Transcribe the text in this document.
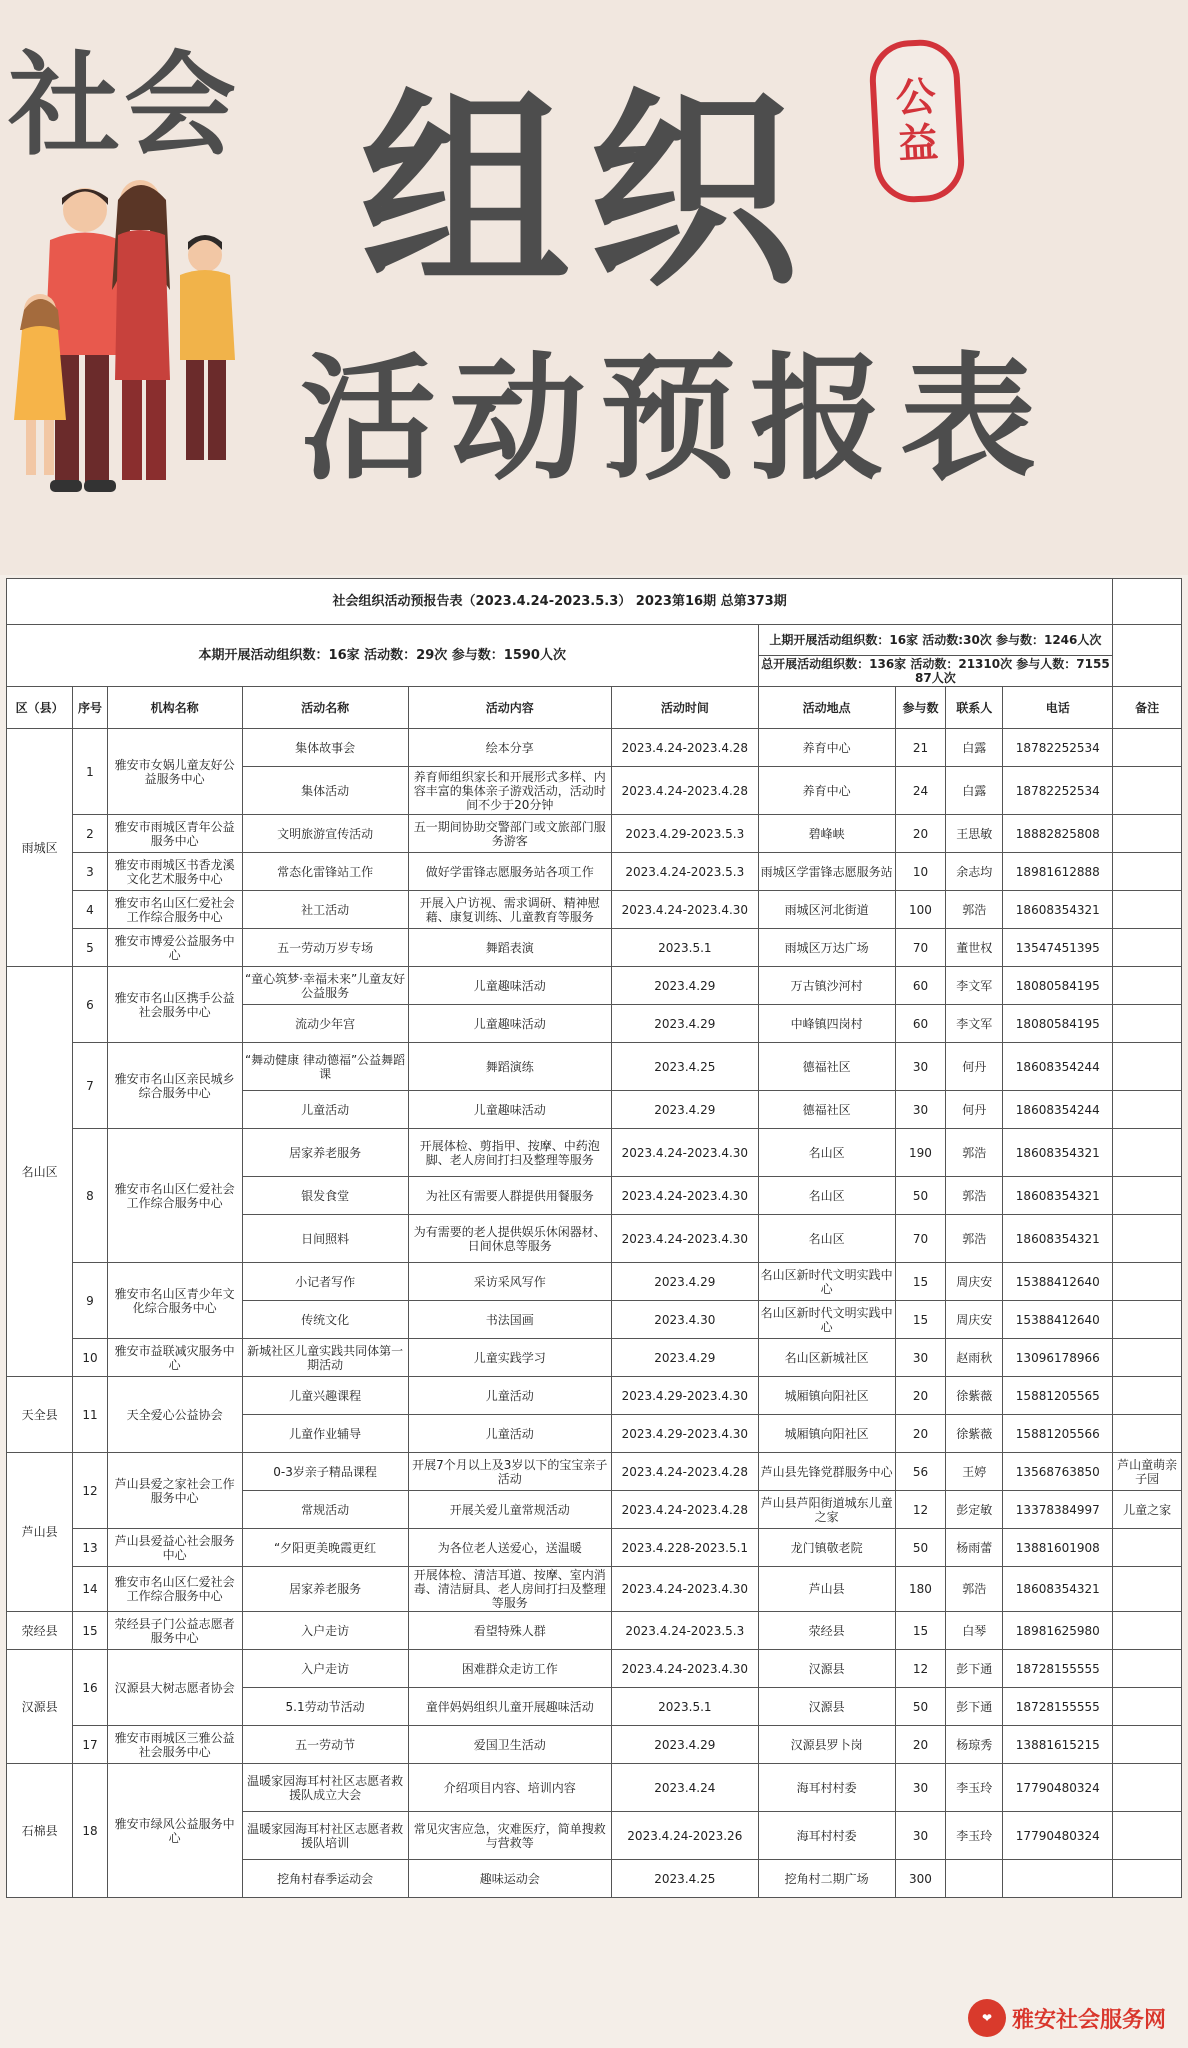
社会 组织
活动预报表
公益
社会组织活动预报告表（2023.4.24-2023.5.3） 2023第16期 总第373期										
本期开展活动组织数：16家 活动数：29次 参与数：1590人次						上期开展活动组织数：16家 活动数:30次 参与数：1246人次				
						总开展活动组织数：136家 活动数：21310次 参与人数：715587人次				
区（县）	序号	机构名称	活动名称	活动内容	活动时间	活动地点	参与数	联系人	电话	备注
雨城区	1	雅安市女娲儿童友好公益服务中心	集体故事会	绘本分享	2023.4.24-2023.4.28	养育中心	21	白露	18782252534	
			集体活动	养育师组织家长和开展形式多样、内容丰富的集体亲子游戏活动，活动时间不少于20分钟	2023.4.24-2023.4.28	养育中心	24	白露	18782252534	
	2	雅安市雨城区青年公益服务中心	文明旅游宣传活动	五一期间协助交警部门或文旅部门服务游客	2023.4.29-2023.5.3	碧峰峡	20	王思敏	18882825808	
	3	雅安市雨城区书香龙溪文化艺术服务中心	常态化雷锋站工作	做好学雷锋志愿服务站各项工作	2023.4.24-2023.5.3	雨城区学雷锋志愿服务站	10	余志均	18981612888	
	4	雅安市名山区仁爱社会工作综合服务中心	社工活动	开展入户访视、需求调研、精神慰藉、康复训练、儿童教育等服务	2023.4.24-2023.4.30	雨城区河北街道	100	郭浩	18608354321	
	5	雅安市博爱公益服务中心	五一劳动万岁专场	舞蹈表演	2023.5.1	雨城区万达广场	70	董世权	13547451395	
名山区	6	雅安市名山区携手公益社会服务中心	“童心筑梦·幸福未来”儿童友好公益服务	儿童趣味活动	2023.4.29	万古镇沙河村	60	李文军	18080584195	
			流动少年宫	儿童趣味活动	2023.4.29	中峰镇四岗村	60	李文军	18080584195	
	7	雅安市名山区亲民城乡综合服务中心	“舞动健康 律动德福”公益舞蹈课	舞蹈演练	2023.4.25	德福社区	30	何丹	18608354244	
			儿童活动	儿童趣味活动	2023.4.29	德福社区	30	何丹	18608354244	
	8	雅安市名山区仁爱社会工作综合服务中心	居家养老服务	开展体检、剪指甲、按摩、中药泡脚、老人房间打扫及整理等服务	2023.4.24-2023.4.30	名山区	190	郭浩	18608354321	
			银发食堂	为社区有需要人群提供用餐服务	2023.4.24-2023.4.30	名山区	50	郭浩	18608354321	
			日间照料	为有需要的老人提供娱乐休闲器材、日间休息等服务	2023.4.24-2023.4.30	名山区	70	郭浩	18608354321	
	9	雅安市名山区青少年文化综合服务中心	小记者写作	采访采风写作	2023.4.29	名山区新时代文明实践中心	15	周庆安	15388412640	
			传统文化	书法国画	2023.4.30	名山区新时代文明实践中心	15	周庆安	15388412640	
	10	雅安市益联减灾服务中心	新城社区儿童实践共同体第一期活动	儿童实践学习	2023.4.29	名山区新城社区	30	赵雨秋	13096178966	
天全县	11	天全爱心公益协会	儿童兴趣课程	儿童活动	2023.4.29-2023.4.30	城厢镇向阳社区	20	徐紫薇	15881205565	
			儿童作业辅导	儿童活动	2023.4.29-2023.4.30	城厢镇向阳社区	20	徐紫薇	15881205566	
芦山县	12	芦山县爱之家社会工作服务中心	0-3岁亲子精品课程	开展7个月以上及3岁以下的宝宝亲子活动	2023.4.24-2023.4.28	芦山县先锋党群服务中心	56	王婷	13568763850	芦山童萌亲子园
			常规活动	开展关爱儿童常规活动	2023.4.24-2023.4.28	芦山县芦阳街道城东儿童之家	12	彭定敏	13378384997	儿童之家
	13	芦山县爱益心社会服务中心	“夕阳更美晚霞更红	为各位老人送爱心，送温暖	2023.4.228-2023.5.1	龙门镇敬老院	50	杨雨蕾	13881601908	
	14	雅安市名山区仁爱社会工作综合服务中心	居家养老服务	开展体检、清洁耳道、按摩、室内消毒、清洁厨具、老人房间打扫及整理等服务	2023.4.24-2023.4.30	芦山县	180	郭浩	18608354321	
荥经县	15	荥经县子门公益志愿者服务中心	入户走访	看望特殊人群	2023.4.24-2023.5.3	荥经县	15	白琴	18981625980	
汉源县	16	汉源县大树志愿者协会	入户走访	困难群众走访工作	2023.4.24-2023.4.30	汉源县	12	彭下通	18728155555	
			5.1劳动节活动	童伴妈妈组织儿童开展趣味活动	2023.5.1	汉源县	50	彭下通	18728155555	
	17	雅安市雨城区三雅公益社会服务中心	五一劳动节	爱国卫生活动	2023.4.29	汉源县罗卜岗	20	杨琼秀	13881615215	
石棉县	18	雅安市绿风公益服务中心	温暖家园海耳村社区志愿者救援队成立大会	介绍项目内容、培训内容	2023.4.24	海耳村村委	30	李玉玲	17790480324	
			温暖家园海耳村社区志愿者救援队培训	常见灾害应急，灾难医疗，简单搜救与营救等	2023.4.24-2023.26	海耳村村委	30	李玉玲	17790480324	
			挖角村春季运动会	趣味运动会	2023.4.25	挖角村二期广场	300			
❤ 雅安社会服务网
